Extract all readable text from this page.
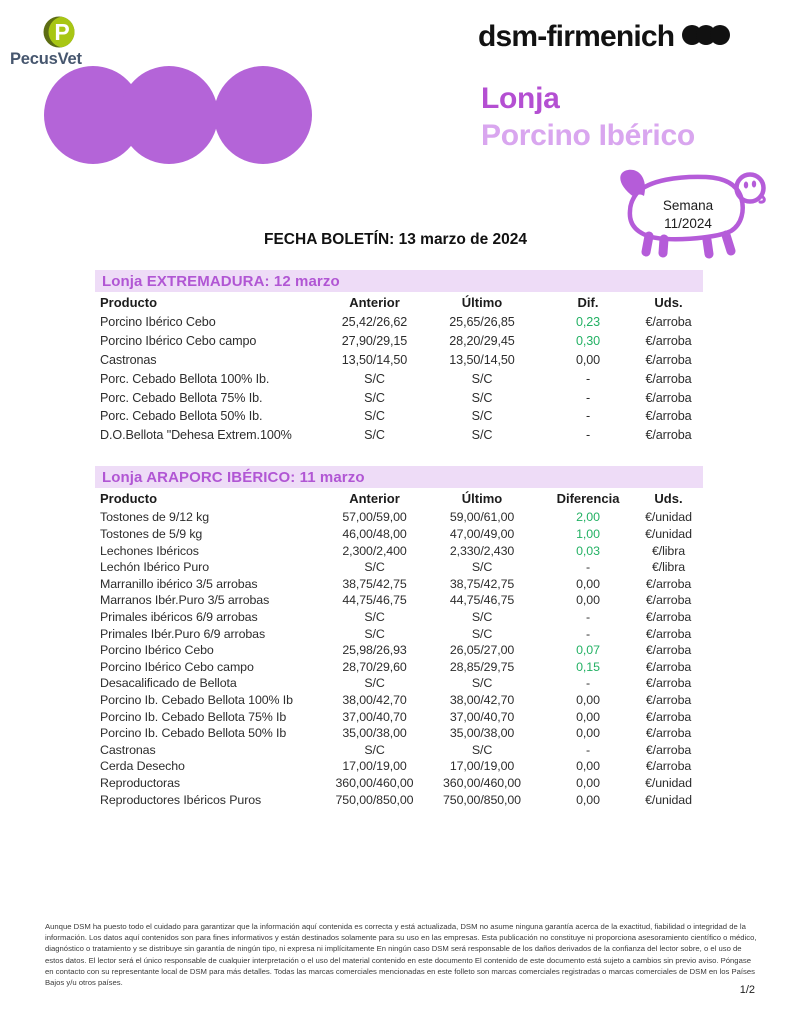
P
PecusVet
dsm-firmenich
Lonja
Porcino Ibérico
Semana
11/2024
FECHA BOLETÍN: 13 marzo de 2024
Lonja EXTREMADURA: 12 marzo
Producto	Anterior	Último	Dif.	Uds.
Porcino Ibérico Cebo	25,42/26,62	25,65/26,85	0,23	€/arroba
Porcino Ibérico Cebo campo	27,90/29,15	28,20/29,45	0,30	€/arroba
Castronas	13,50/14,50	13,50/14,50	0,00	€/arroba
Porc. Cebado Bellota 100% Ib.	S/C	S/C	-	€/arroba
Porc. Cebado Bellota 75% Ib.	S/C	S/C	-	€/arroba
Porc. Cebado Bellota 50% Ib.	S/C	S/C	-	€/arroba
D.O.Bellota "Dehesa Extrem.100%	S/C	S/C	-	€/arroba
Lonja ARAPORC IBÉRICO: 11 marzo
Producto	Anterior	Último	Diferencia	Uds.
Tostones de 9/12 kg	57,00/59,00	59,00/61,00	2,00	€/unidad
Tostones de 5/9 kg	46,00/48,00	47,00/49,00	1,00	€/unidad
Lechones Ibéricos	2,300/2,400	2,330/2,430	0,03	€/libra
Lechón Ibérico Puro	S/C	S/C	-	€/libra
Marranillo ibérico 3/5 arrobas	38,75/42,75	38,75/42,75	0,00	€/arroba
Marranos Ibér.Puro 3/5 arrobas	44,75/46,75	44,75/46,75	0,00	€/arroba
Primales ibéricos 6/9 arrobas	S/C	S/C	-	€/arroba
Primales Ibér.Puro 6/9 arrobas	S/C	S/C	-	€/arroba
Porcino Ibérico Cebo	25,98/26,93	26,05/27,00	0,07	€/arroba
Porcino Ibérico Cebo campo	28,70/29,60	28,85/29,75	0,15	€/arroba
Desacalificado de Bellota	S/C	S/C	-	€/arroba
Porcino Ib. Cebado Bellota 100% Ib	38,00/42,70	38,00/42,70	0,00	€/arroba
Porcino Ib. Cebado Bellota 75% Ib	37,00/40,70	37,00/40,70	0,00	€/arroba
Porcino Ib. Cebado Bellota 50% Ib	35,00/38,00	35,00/38,00	0,00	€/arroba
Castronas	S/C	S/C	-	€/arroba
Cerda Desecho	17,00/19,00	17,00/19,00	0,00	€/arroba
Reproductoras	360,00/460,00	360,00/460,00	0,00	€/unidad
Reproductores Ibéricos Puros	750,00/850,00	750,00/850,00	0,00	€/unidad
Aunque DSM ha puesto todo el cuidado para garantizar que la información aquí contenida es correcta y está actualizada, DSM no asume ninguna garantía acerca de la exactitud, fiabilidad o integridad de la información. Los datos aquí contenidos son para fines informativos y están destinados solamente para su uso en las empresas. Esta publicación no constituye ni proporciona asesoramiento científico o médico, diagnóstico o tratamiento y se distribuye sin garantía de ningún tipo, ni expresa ni implícitamente En ningún caso DSM será responsable de los daños derivados de la confianza del lector sobre, o el uso de estos datos. El lector será el único responsable de cualquier interpretación o el uso del material contenido en este documento El contenido de este documento está sujeto a cambios sin previo aviso. Póngase en contacto con su representante local de DSM para más detalles. Todas las marcas comerciales mencionadas en este folleto son marcas comerciales registradas o marcas comerciales de DSM en los Países Bajos y/u otros países.
1/2
